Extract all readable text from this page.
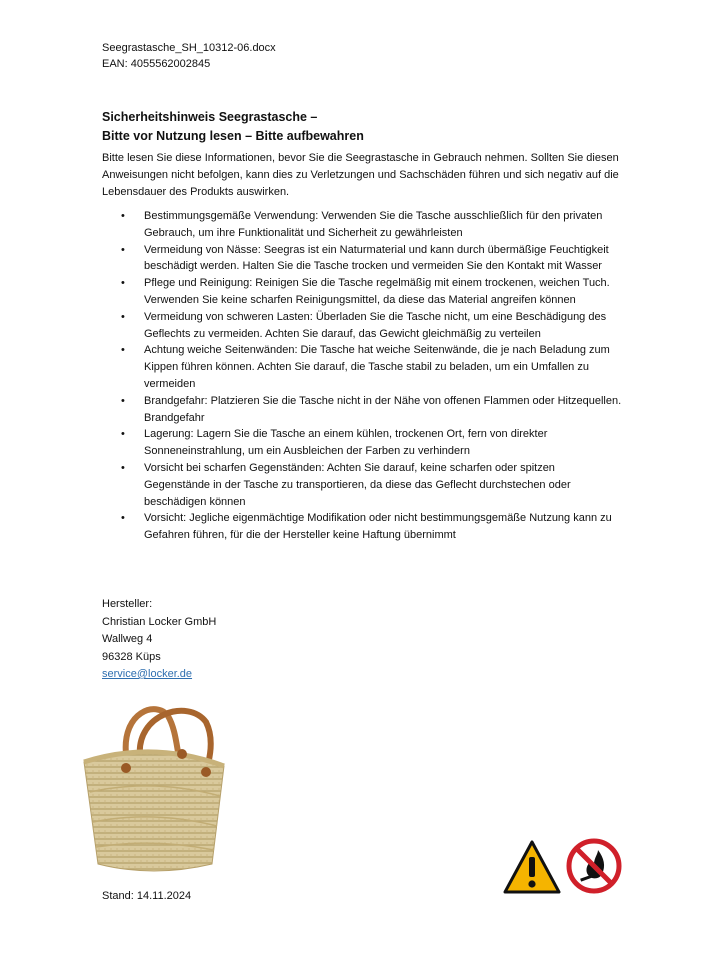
Seegrastasche_SH_10312-06.docx
EAN: 4055562002845
Sicherheitshinweis Seegrastasche –
Bitte vor Nutzung lesen – Bitte aufbewahren
Bitte lesen Sie diese Informationen, bevor Sie die Seegrastasche in Gebrauch nehmen. Sollten Sie diesen Anweisungen nicht befolgen, kann dies zu Verletzungen und Sachschäden führen und sich negativ auf die Lebensdauer des Produkts auswirken.
• Bestimmungsgemäße Verwendung: Verwenden Sie die Tasche ausschließlich für den privaten Gebrauch, um ihre Funktionalität und Sicherheit zu gewährleisten
• Vermeidung von Nässe: Seegras ist ein Naturmaterial und kann durch übermäßige Feuchtigkeit beschädigt werden. Halten Sie die Tasche trocken und vermeiden Sie den Kontakt mit Wasser
• Pflege und Reinigung: Reinigen Sie die Tasche regelmäßig mit einem trockenen, weichen Tuch. Verwenden Sie keine scharfen Reinigungsmittel, da diese das Material angreifen können
• Vermeidung von schweren Lasten: Überladen Sie die Tasche nicht, um eine Beschädigung des Geflechts zu vermeiden. Achten Sie darauf, das Gewicht gleichmäßig zu verteilen
• Achtung weiche Seitenwänden: Die Tasche hat weiche Seitenwände, die je nach Beladung zum Kippen führen können. Achten Sie darauf, die Tasche stabil zu beladen, um ein Umfallen zu vermeiden
• Brandgefahr: Platzieren Sie die Tasche nicht in der Nähe von offenen Flammen oder Hitzequellen. Brandgefahr
• Lagerung: Lagern Sie die Tasche an einem kühlen, trockenen Ort, fern von direkter Sonneneinstrahlung, um ein Ausbleichen der Farben zu verhindern
• Vorsicht bei scharfen Gegenständen: Achten Sie darauf, keine scharfen oder spitzen Gegenstände in der Tasche zu transportieren, da diese das Geflecht durchstechen oder beschädigen können
• Vorsicht: Jegliche eigenmächtige Modifikation oder nicht bestimmungsgemäße Nutzung kann zu Gefahren führen, für die der Hersteller keine Haftung übernimmt
Hersteller:
Christian Locker GmbH
Wallweg 4
96328 Küps
service@locker.de
Stand: 14.11.2024
